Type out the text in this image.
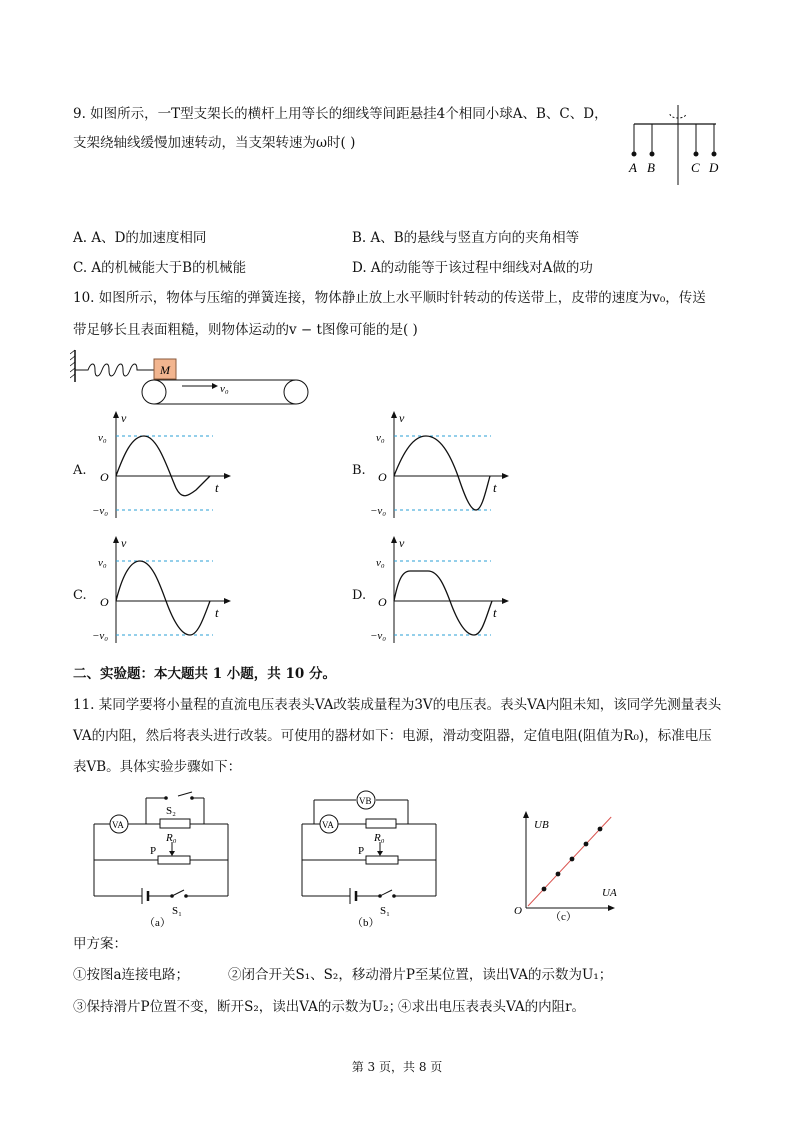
9. 如图所示，一T型支架长的横杆上用等长的细线等间距悬挂4个相同小球A、B、C、D，
支架绕轴线缓慢加速转动，当支架转速为ω时( )
A B	C D
A. A、D的加速度相同	B. A、B的悬线与竖直方向的夹角相等
C. A的机械能大于B的机械能	D. A的动能等于该过程中细线对A做的功
10. 如图所示，物体与压缩的弹簧连接，物体静止放上水平顺时针转动的传送带上，皮带的速度为v₀，传送
带足够长且表面粗糙，则物体运动的v − t图像可能的是( )
M
v₀
A.	B.
C.	D.
v
t
O
v₀
−v₀
v
t
O
v₀
−v₀
v
t
O
v₀
−v₀
v
t
O
v₀
−v₀
二、实验题：本大题共 1 小题，共 10 分。
11. 某同学要将小量程的直流电压表表头VA改装成量程为3V的电压表。表头VA内阻未知，该同学先测量表头
VA的内阻，然后将表头进行改装。可使用的器材如下：电源，滑动变阻器，定值电阻(阻值为R₀)，标准电压
表VB。具体实验步骤如下：
VA
S₂
R₀
P
S₁
（a）
VB
VA
R₀
P
S₁
（b）
UB
UA
O	（c）
甲方案：
①按图a连接电路；	②闭合开关S₁、S₂，移动滑片P至某位置，读出VA的示数为U₁；
③保持滑片P位置不变，断开S₂，读出VA的示数为U₂；
④求出电压表表头VA的内阻r。
第 3 页，共 8 页
